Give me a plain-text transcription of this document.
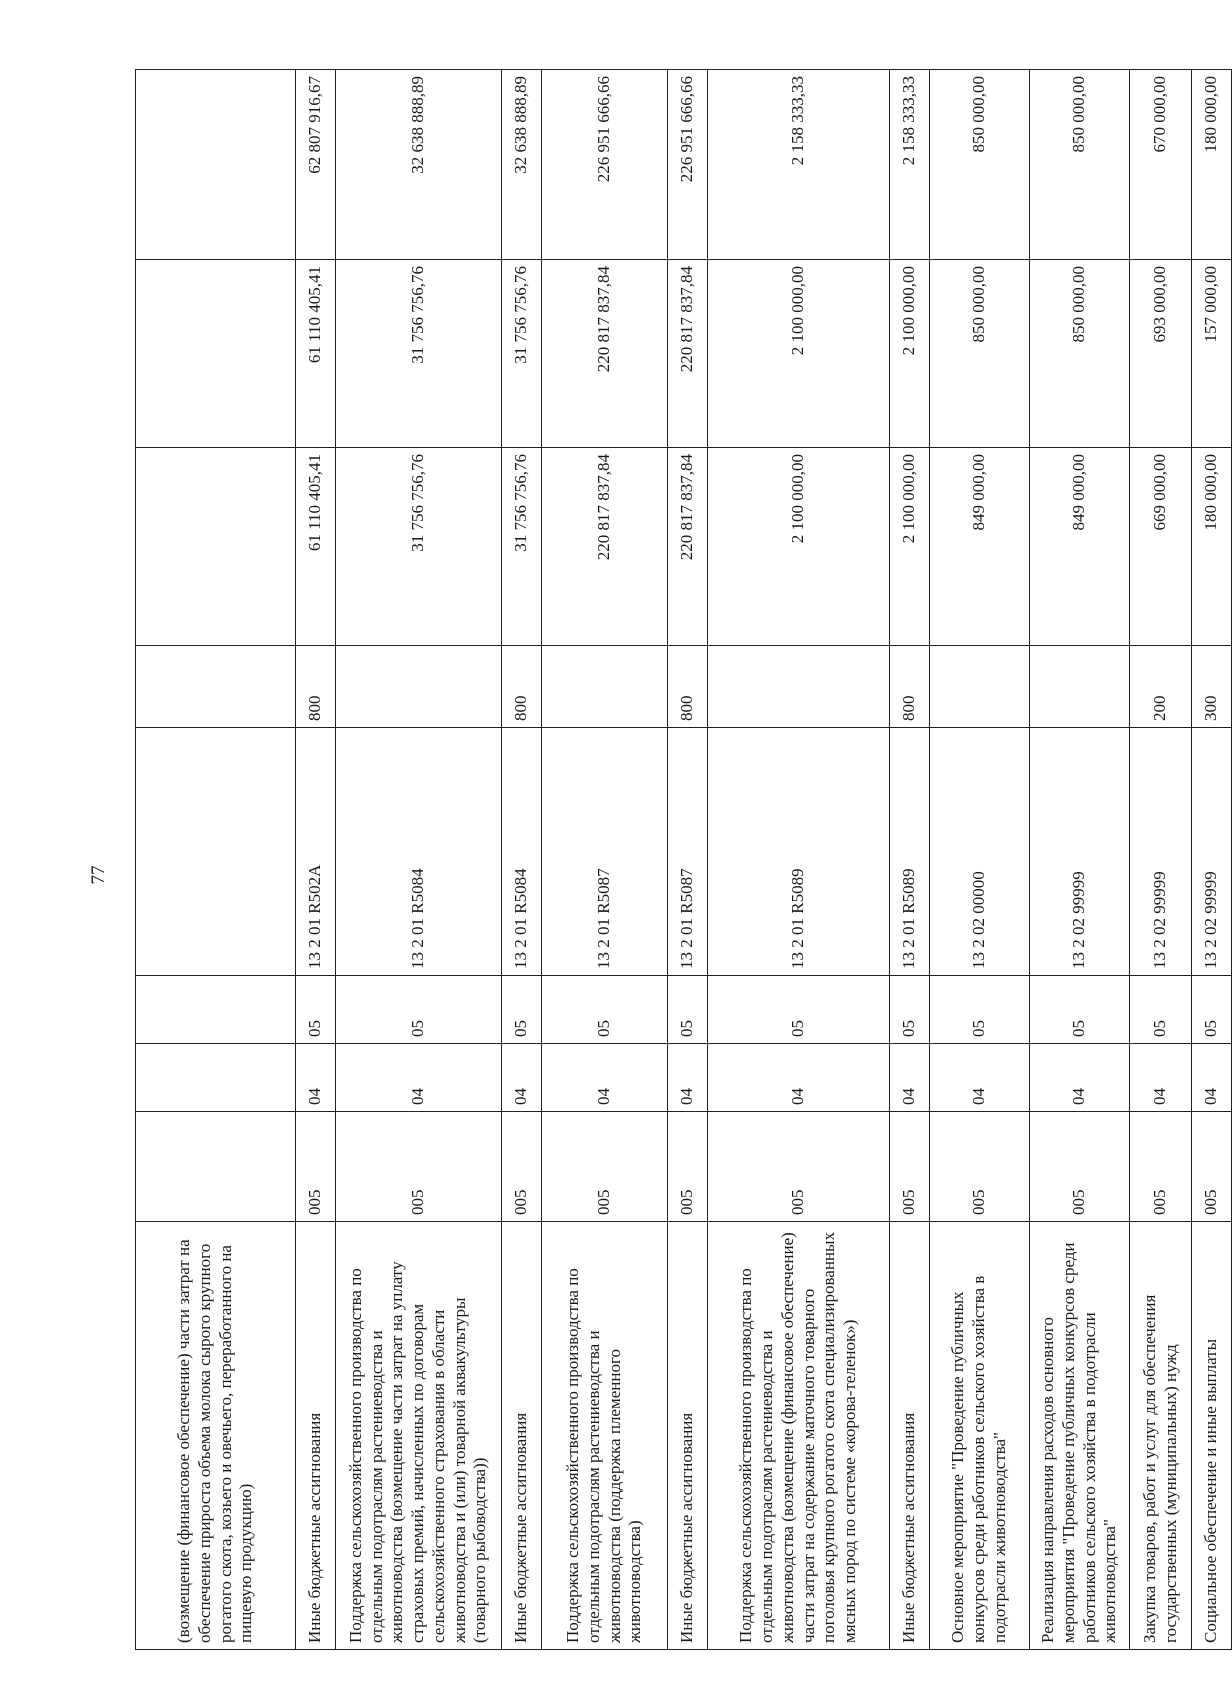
77
(возмещение (финансовое обеспечение) части затрат на обеспечение прироста объема молока сырого крупного рогатого скота, козьего и овечьего, переработанного на пищевую продукцию)								
Иные бюджетные ассигнования	005	04	05	13 2 01 R502A	800	61 110 405,41	61 110 405,41	62 807 916,67
Поддержка сельскохозяйственного производства по отдельным подотраслям растениеводства и животноводства (возмещение части затрат на уплату страховых премий, начисленных по договорам сельскохозяйственного страхования в области животноводства и (или) товарной аквакультуры (товарного рыбоводства))	005	04	05	13 2 01 R5084		31 756 756,76	31 756 756,76	32 638 888,89
Иные бюджетные ассигнования	005	04	05	13 2 01 R5084	800	31 756 756,76	31 756 756,76	32 638 888,89
Поддержка сельскохозяйственного производства по отдельным подотраслям растениеводства и животноводства (поддержка племенного животноводства)	005	04	05	13 2 01 R5087		220 817 837,84	220 817 837,84	226 951 666,66
Иные бюджетные ассигнования	005	04	05	13 2 01 R5087	800	220 817 837,84	220 817 837,84	226 951 666,66
Поддержка сельскохозяйственного производства по отдельным подотраслям растениеводства и животноводства (возмещение (финансовое обеспечение) части затрат на содержание маточного товарного поголовья крупного рогатого скота специализированных мясных пород по системе «корова-теленок»)	005	04	05	13 2 01 R5089		2 100 000,00	2 100 000,00	2 158 333,33
Иные бюджетные ассигнования	005	04	05	13 2 01 R5089	800	2 100 000,00	2 100 000,00	2 158 333,33
Основное мероприятие "Проведение публичных конкурсов среди работников сельского хозяйства в подотрасли животноводства"	005	04	05	13 2 02 00000		849 000,00	850 000,00	850 000,00
Реализация направления расходов основного мероприятия "Проведение публичных конкурсов среди работников сельского хозяйства в подотрасли животноводства"	005	04	05	13 2 02 99999		849 000,00	850 000,00	850 000,00
Закупка товаров, работ и услуг для обеспечения государственных (муниципальных) нужд	005	04	05	13 2 02 99999	200	669 000,00	693 000,00	670 000,00
Социальное обеспечение и иные выплаты	005	04	05	13 2 02 99999	300	180 000,00	157 000,00	180 000,00
